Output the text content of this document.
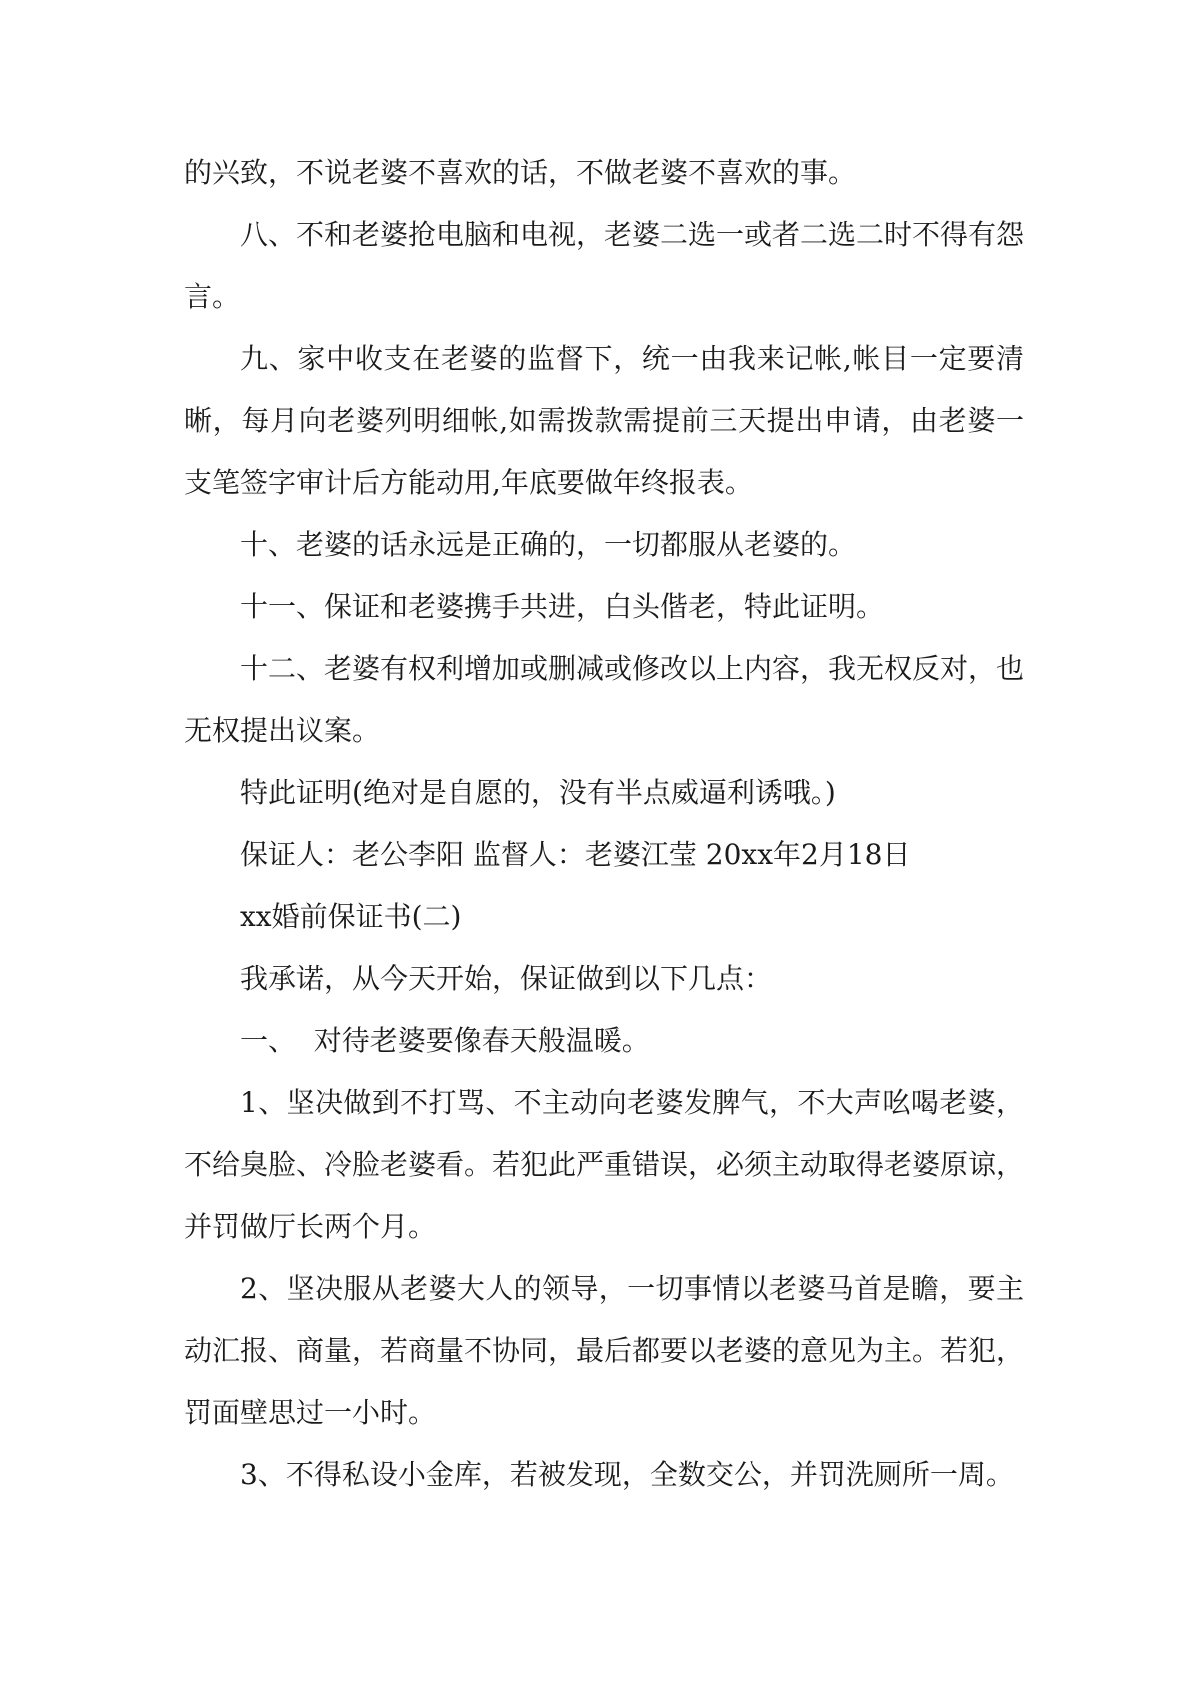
的兴致，不说老婆不喜欢的话，不做老婆不喜欢的事。

八、不和老婆抢电脑和电视，老婆二选一或者二选二时不得有怨言。

九、家中收支在老婆的监督下，统一由我来记帐,帐目一定要清晰，每月向老婆列明细帐,如需拨款需提前三天提出申请，由老婆一支笔签字审计后方能动用,年底要做年终报表。

十、老婆的话永远是正确的，一切都服从老婆的。

十一、保证和老婆携手共进，白头偕老，特此证明。

十二、老婆有权利增加或删减或修改以上内容，我无权反对，也无权提出议案。

特此证明(绝对是自愿的，没有半点威逼利诱哦。)

保证人：老公李阳 监督人：老婆江莹 20xx年2月18日

xx婚前保证书(二)

我承诺，从今天开始，保证做到以下几点：

一、  对待老婆要像春天般温暖。

1、坚决做到不打骂、不主动向老婆发脾气，不大声吆喝老婆，不给臭脸、冷脸老婆看。若犯此严重错误，必须主动取得老婆原谅，并罚做厅长两个月。

2、坚决服从老婆大人的领导，一切事情以老婆马首是瞻，要主动汇报、商量，若商量不协同，最后都要以老婆的意见为主。若犯，罚面壁思过一小时。

3、不得私设小金库，若被发现，全数交公，并罚洗厕所一周。
